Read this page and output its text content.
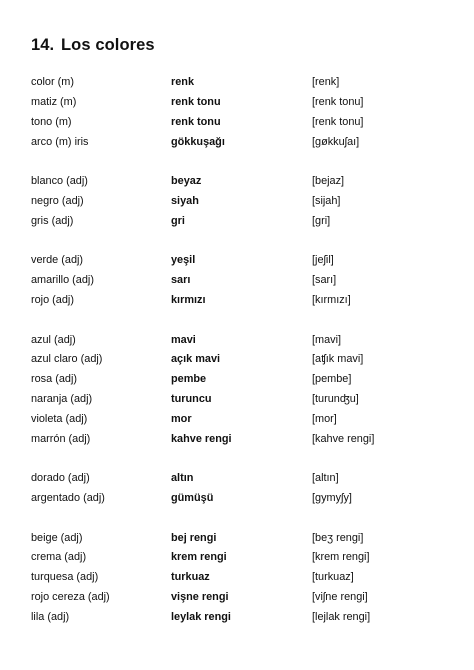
14. Los colores
color (m)	renk	[renk]
matiz (m)	renk tonu	[renk tonu]
tono (m)	renk tonu	[renk tonu]
arco (m) iris	gökkuşağı	[gøkkuʃaı]
blanco (adj)	beyaz	[bejaz]
negro (adj)	siyah	[sijah]
gris (adj)	gri	[gri]
verde (adj)	yeşil	[jeʃil]
amarillo (adj)	sarı	[sarı]
rojo (adj)	kırmızı	[kırmızı]
azul (adj)	mavi	[mavi]
azul claro (adj)	açık mavi	[aʧık mavi]
rosa (adj)	pembe	[pembe]
naranja (adj)	turuncu	[turunʤu]
violeta (adj)	mor	[mor]
marrón (adj)	kahve rengi	[kahve rengi]
dorado (adj)	altın	[altın]
argentado (adj)	gümüşü	[gymyʃy]
beige (adj)	bej rengi	[beʒ rengi]
crema (adj)	krem rengi	[krem rengi]
turquesa (adj)	turkuaz	[turkuaz]
rojo cereza (adj)	vişne rengi	[viʃne rengi]
lila (adj)	leylak rengi	[lejlak rengi]
